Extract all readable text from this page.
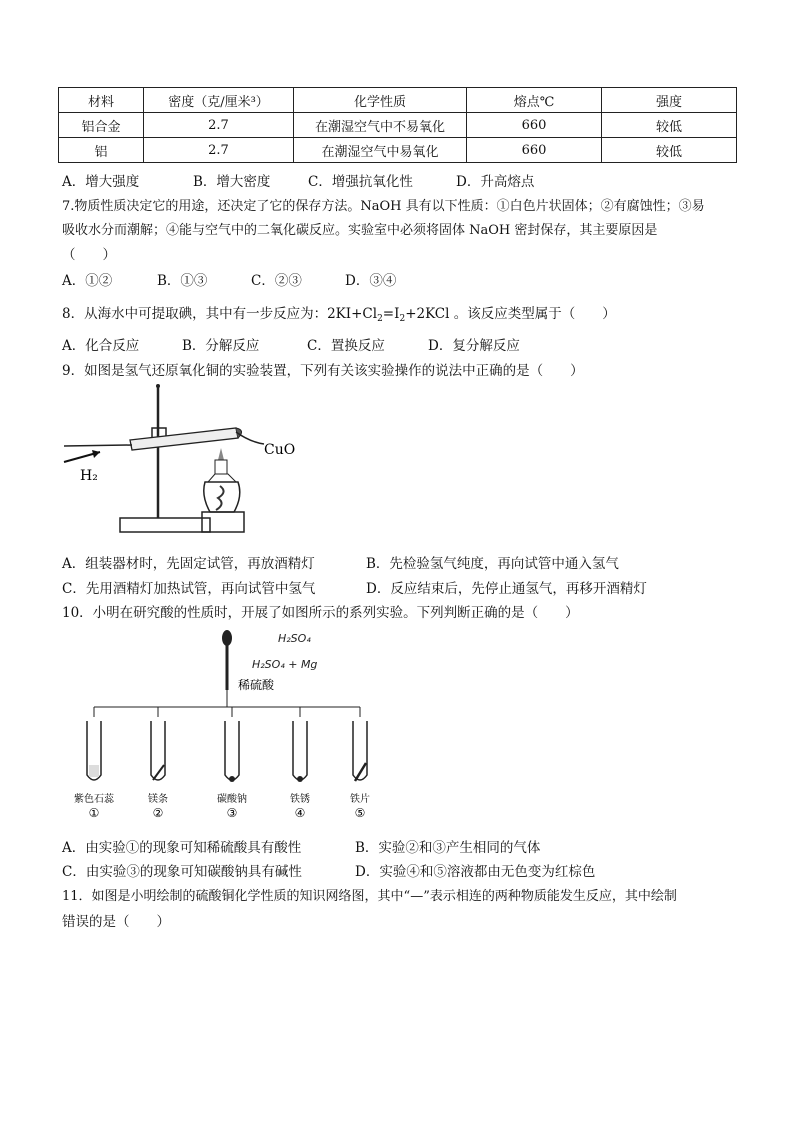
材料	密度（克/厘米³）	化学性质	熔点℃	强度
铝合金	2.7	在潮湿空气中不易氧化	660	较低
铝	2.7	在潮湿空气中易氧化	660	较低
A．增大强度	B．增大密度	C．增强抗氧化性	D．升高熔点
7.物质性质决定它的用途，还决定了它的保存方法。NaOH 具有以下性质：①白色片状固体；②有腐蚀性；③易
吸收水分而潮解；④能与空气中的二氧化碳反应。实验室中必须将固体 NaOH 密封保存，其主要原因是
（　　）
A．①②	B．①③	C．②③	D．③④
8．从海水中可提取碘，其中有一步反应为：$2KI+Cl_2=I_2+2KCl$ 。该反应类型属于（　　）
A．化合反应	B．分解反应	C．置换反应	D．复分解反应
9．如图是氢气还原氧化铜的实验装置，下列有关该实验操作的说法中正确的是（　　）
H₂
CuO
A．组装器材时，先固定试管，再放酒精灯	B．先检验氢气纯度，再向试管中通入氢气
C．先用酒精灯加热试管，再向试管中氢气	D．反应结束后，先停止通氢气，再移开酒精灯
10．小明在研究酸的性质时，开展了如图所示的系列实验。下列判断正确的是（　　）
H₂SO₄
H₂SO₄ + Mg
稀硫酸
紫色石蕊	镁条	碳酸钠	铁锈	铁片
①	②	③	④	⑤
A．由实验①的现象可知稀硫酸具有酸性	B．实验②和③产生相同的气体
C．由实验③的现象可知碳酸钠具有碱性	D．实验④和⑤溶液都由无色变为红棕色
11．如图是小明绘制的硫酸铜化学性质的知识网络图，其中“—”表示相连的两种物质能发生反应，其中绘制
错误的是（　　）
